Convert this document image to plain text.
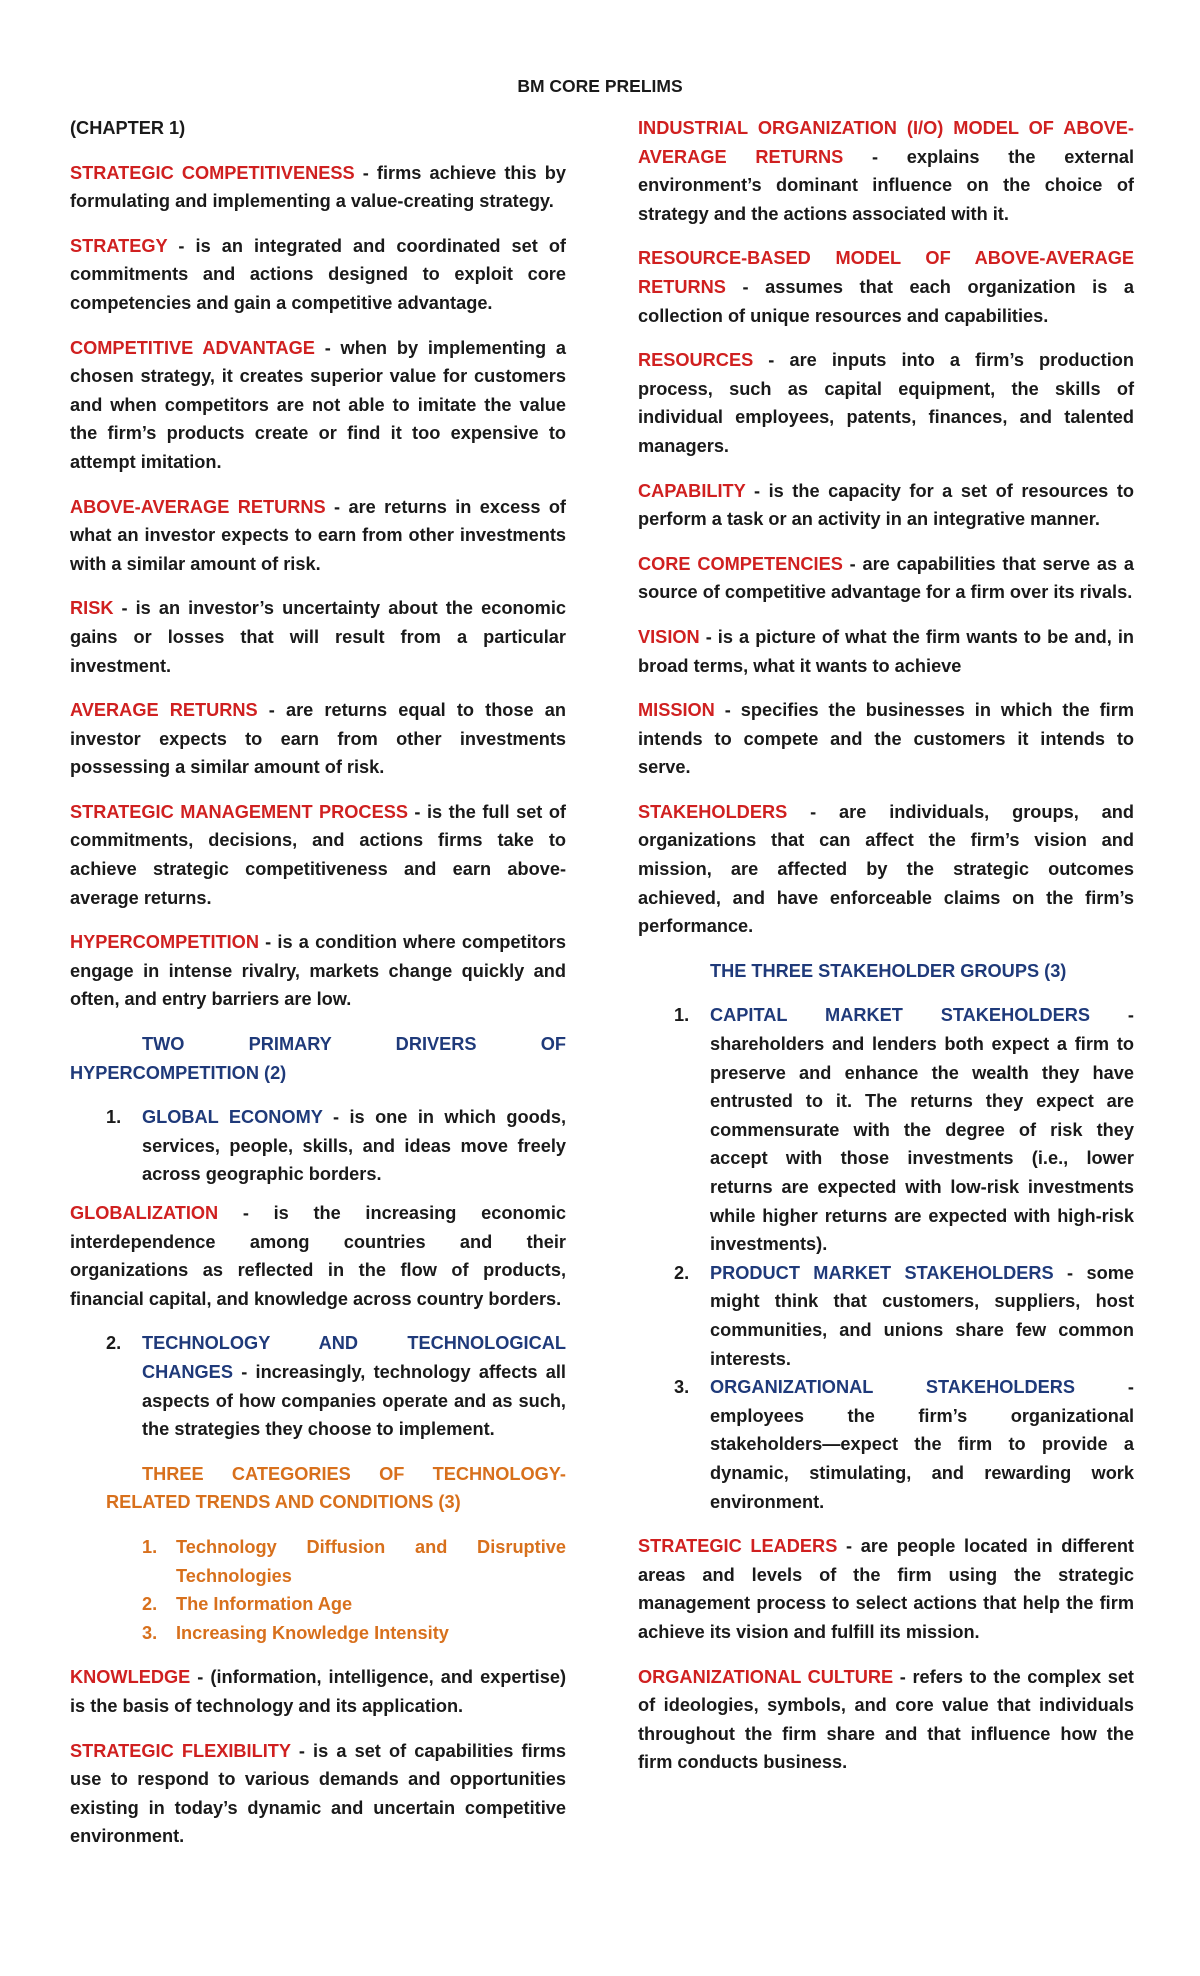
BM CORE PRELIMS

(CHAPTER 1)

STRATEGIC COMPETITIVENESS - firms achieve this by formulating and implementing a value-creating strategy.

STRATEGY - is an integrated and coordinated set of commitments and actions designed to exploit core competencies and gain a competitive advantage.

COMPETITIVE ADVANTAGE - when by implementing a chosen strategy, it creates superior value for customers and when competitors are not able to imitate the value the firm’s products create or find it too expensive to attempt imitation.

ABOVE-AVERAGE RETURNS - are returns in excess of what an investor expects to earn from other investments with a similar amount of risk.

RISK - is an investor’s uncertainty about the economic gains or losses that will result from a particular investment.

AVERAGE RETURNS - are returns equal to those an investor expects to earn from other investments possessing a similar amount of risk.

STRATEGIC MANAGEMENT PROCESS - is the full set of commitments, decisions, and actions firms take to achieve strategic competitiveness and earn above-average returns.

HYPERCOMPETITION - is a condition where competitors engage in intense rivalry, markets change quickly and often, and entry barriers are low.

TWO PRIMARY DRIVERS OF
HYPERCOMPETITION (2)
1. GLOBAL ECONOMY - is one in which goods, services, people, skills, and ideas move freely across geographic borders.

GLOBALIZATION - is the increasing economic interdependence among countries and their organizations as reflected in the flow of products, financial capital, and knowledge across country borders.

2. TECHNOLOGY AND TECHNOLOGICAL CHANGES - increasingly, technology affects all aspects of how companies operate and as such, the strategies they choose to implement.

THREE CATEGORIES OF TECHNOLOGY-RELATED TRENDS AND CONDITIONS (3)

1. Technology Diffusion and Disruptive Technologies
2. The Information Age
3. Increasing Knowledge Intensity

KNOWLEDGE - (information, intelligence, and expertise) is the basis of technology and its application.

STRATEGIC FLEXIBILITY - is a set of capabilities firms use to respond to various demands and opportunities existing in today’s dynamic and uncertain competitive environment.

INDUSTRIAL ORGANIZATION (I/O) MODEL OF ABOVE-AVERAGE RETURNS - explains the external environment’s dominant influence on the choice of strategy and the actions associated with it.

RESOURCE-BASED MODEL OF ABOVE-AVERAGE RETURNS - assumes that each organization is a collection of unique resources and capabilities.

RESOURCES - are inputs into a firm’s production process, such as capital equipment, the skills of individual employees, patents, finances, and talented managers.

CAPABILITY - is the capacity for a set of resources to perform a task or an activity in an integrative manner.

CORE COMPETENCIES - are capabilities that serve as a source of competitive advantage for a firm over its rivals.

VISION - is a picture of what the firm wants to be and, in broad terms, what it wants to achieve

MISSION - specifies the businesses in which the firm intends to compete and the customers it intends to serve.

STAKEHOLDERS - are individuals, groups, and organizations that can affect the firm’s vision and mission, are affected by the strategic outcomes achieved, and have enforceable claims on the firm’s performance.

THE THREE STAKEHOLDER GROUPS (3)

1. CAPITAL MARKET STAKEHOLDERS - shareholders and lenders both expect a firm to preserve and enhance the wealth they have entrusted to it. The returns they expect are commensurate with the degree of risk they accept with those investments (i.e., lower returns are expected with low-risk investments while higher returns are expected with high-risk investments).
2. PRODUCT MARKET STAKEHOLDERS - some might think that customers, suppliers, host communities, and unions share few common interests.
3. ORGANIZATIONAL STAKEHOLDERS - employees the firm’s organizational stakeholders—expect the firm to provide a dynamic, stimulating, and rewarding work environment.

STRATEGIC LEADERS - are people located in different areas and levels of the firm using the strategic management process to select actions that help the firm achieve its vision and fulfill its mission.

ORGANIZATIONAL CULTURE - refers to the complex set of ideologies, symbols, and core value that individuals throughout the firm share and that influence how the firm conducts business.
